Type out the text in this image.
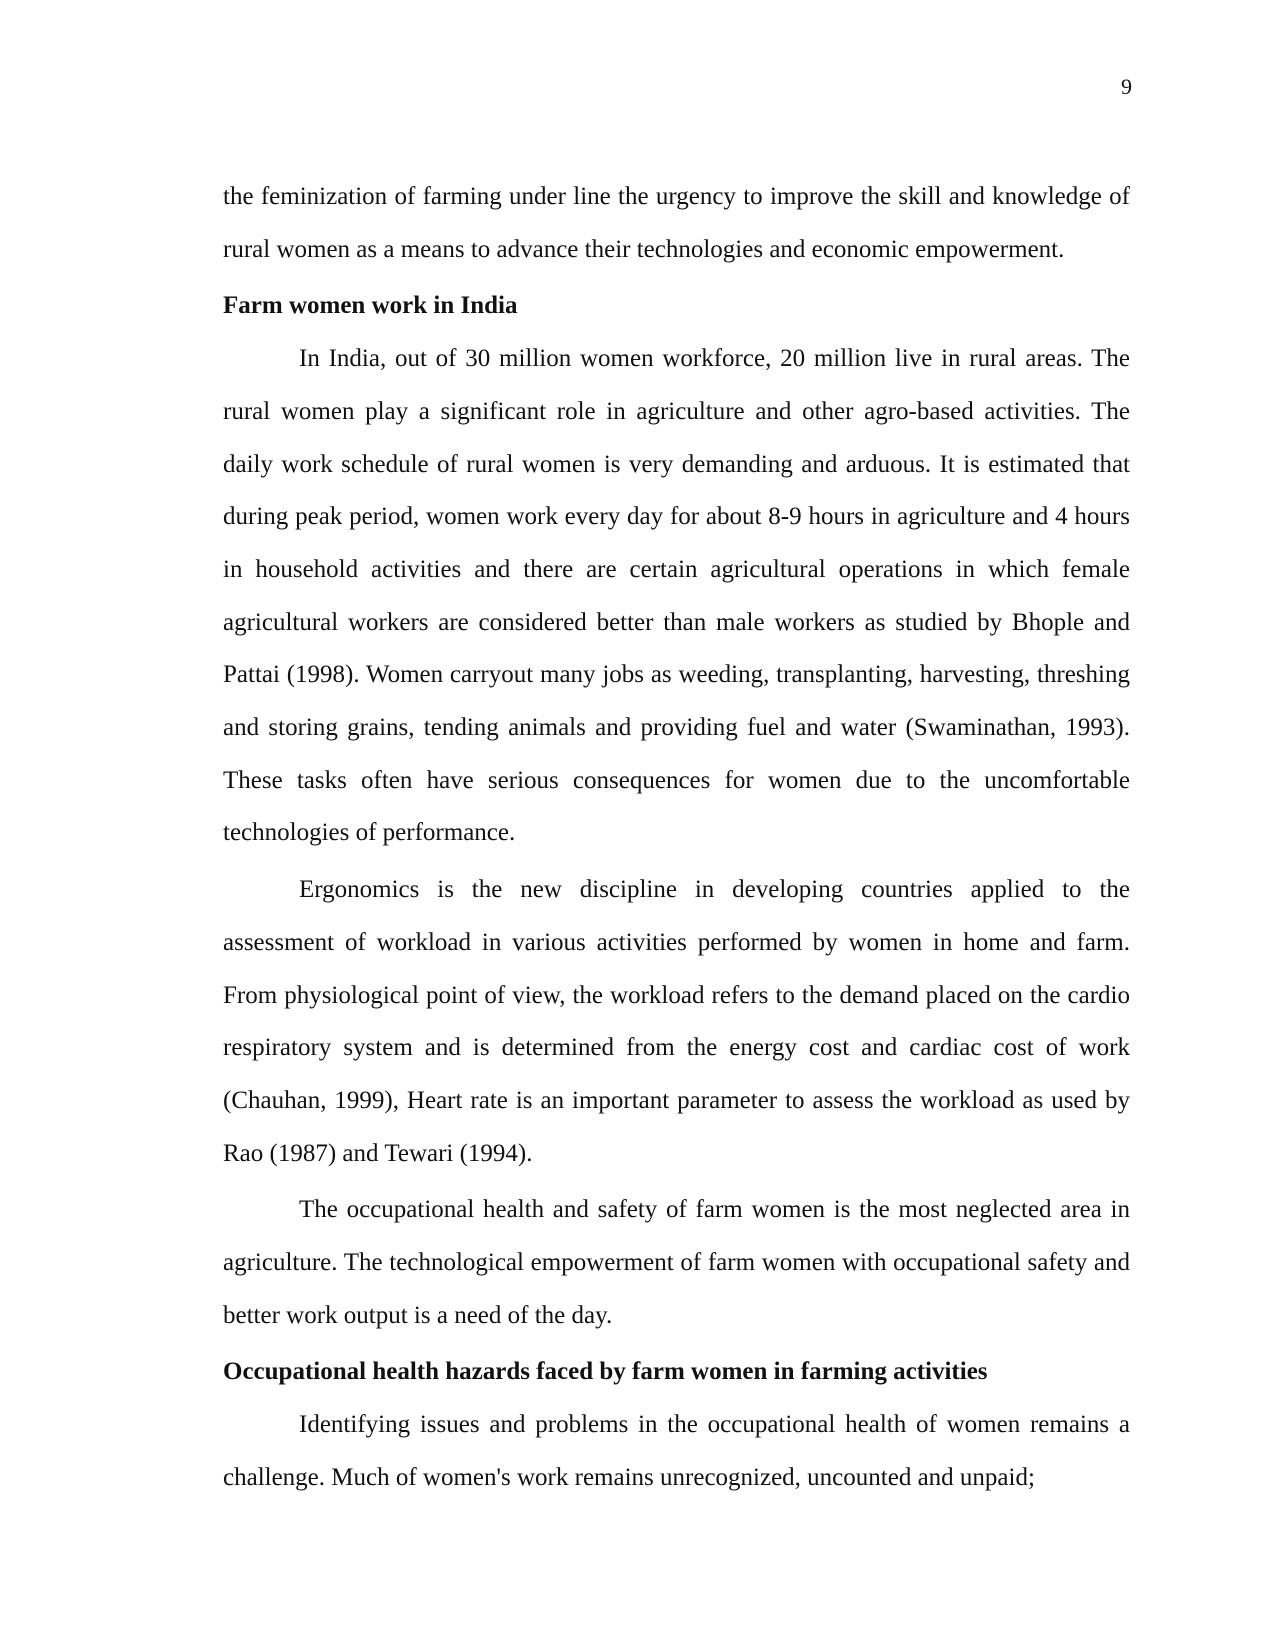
9

the feminization of farming under line the urgency to improve the skill and knowledge of rural women as a means to advance their technologies and economic empowerment.

Farm women work in India

In India, out of 30 million women workforce, 20 million live in rural areas. The rural women play a significant role in agriculture and other agro-based activities. The daily work schedule of rural women is very demanding and arduous. It is estimated that during peak period, women work every day for about 8-9 hours in agriculture and 4 hours in household activities and there are certain agricultural operations in which female agricultural workers are considered better than male workers as studied by Bhople and Pattai (1998). Women carryout many jobs as weeding, transplanting, harvesting, threshing and storing grains, tending animals and providing fuel and water (Swaminathan, 1993). These tasks often have serious consequences for women due to the uncomfortable technologies of performance.

Ergonomics is the new discipline in developing countries applied to the assessment of workload in various activities performed by women in home and farm. From physiological point of view, the workload refers to the demand placed on the cardio respiratory system and is determined from the energy cost and cardiac cost of work (Chauhan, 1999), Heart rate is an important parameter to assess the workload as used by Rao (1987) and Tewari (1994).

The occupational health and safety of farm women is the most neglected area in agriculture. The technological empowerment of farm women with occupational safety and better work output is a need of the day.

Occupational health hazards faced by farm women in farming activities

Identifying issues and problems in the occupational health of women remains a challenge. Much of women's work remains unrecognized, uncounted and unpaid;
